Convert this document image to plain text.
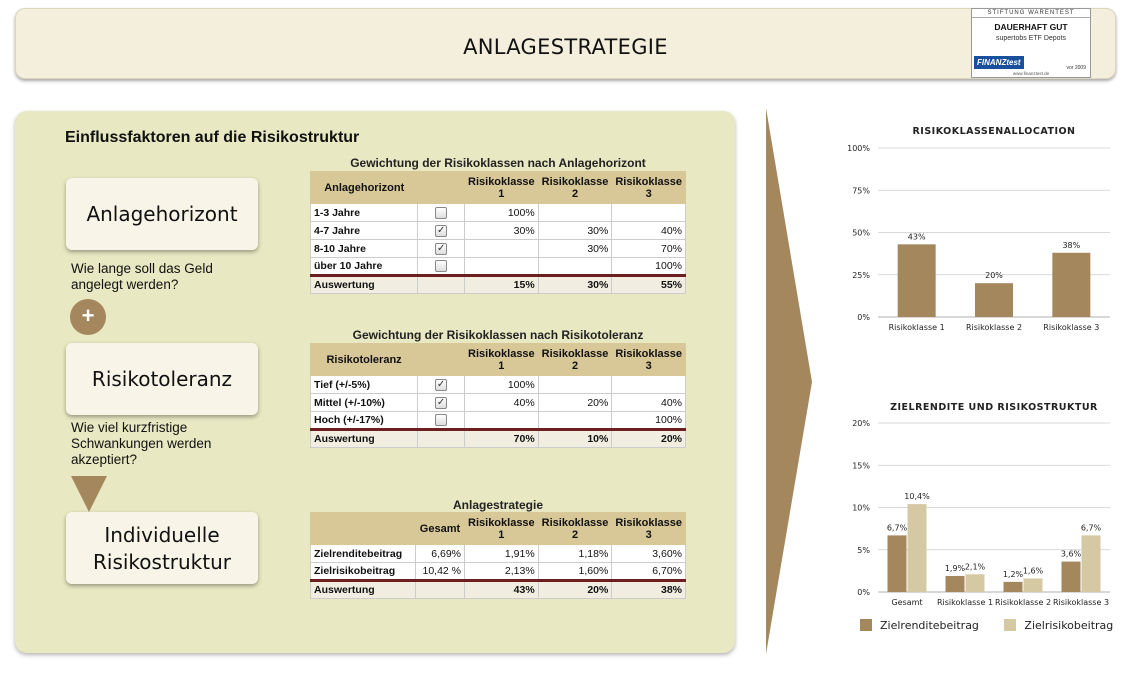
ANLAGESTRATEGIE
STIFTUNG WARENTEST
DAUERHAFT GUT
supertobs ETF Depots
FINANZtest
vor 2009
www.finanztest.de
Einflussfaktoren auf die Risikostruktur
Anlagehorizont
Wie lange soll das Geld
angelegt werden?
+
Risikotoleranz
Wie viel kurzfristige
Schwankungen werden
akzeptiert?
Individuelle
Risikostruktur
Gewichtung der Risikoklassen nach Anlagehorizont
Anlagehorizont		Risikoklasse 1	Risikoklasse 2	Risikoklasse 3
1-3 Jahre		100%		
4-7 Jahre	✓	30%	30%	40%
8-10 Jahre	✓		30%	70%
über 10 Jahre				100%
Auswertung		15%	30%	55%
Gewichtung der Risikoklassen nach Risikotoleranz
Risikotoleranz		Risikoklasse 1	Risikoklasse 2	Risikoklasse 3
Tief (+/-5%)	✓	100%		
Mittel (+/-10%)	✓	40%	20%	40%
Hoch (+/-17%)				100%
Auswertung		70%	10%	20%
Anlagestrategie
	Gesamt	Risikoklasse 1	Risikoklasse 2	Risikoklasse 3
Zielrenditebeitrag	6,69%	1,91%	1,18%	3,60%
Zielrisikobeitrag	10,42 %	2,13%	1,60%	6,70%
Auswertung		43%	20%	38%
RISIKOKLASSENALLOCATION
0%
25%
50%
75%
100%
Risikoklasse 1	Risikoklasse 2	Risikoklasse 3
43%
20%
38%
ZIELRENDITE UND RISIKOSTRUKTUR
0%
5%
10%
15%
20%
Gesamt Risikoklasse 1 Risikoklasse 2 Risikoklasse 3
6,7%
1,9%
1,2%
3,6%
10,4%
2,1%	1,6%
6,7%
Zielrenditebeitrag	Zielrisikobeitrag
